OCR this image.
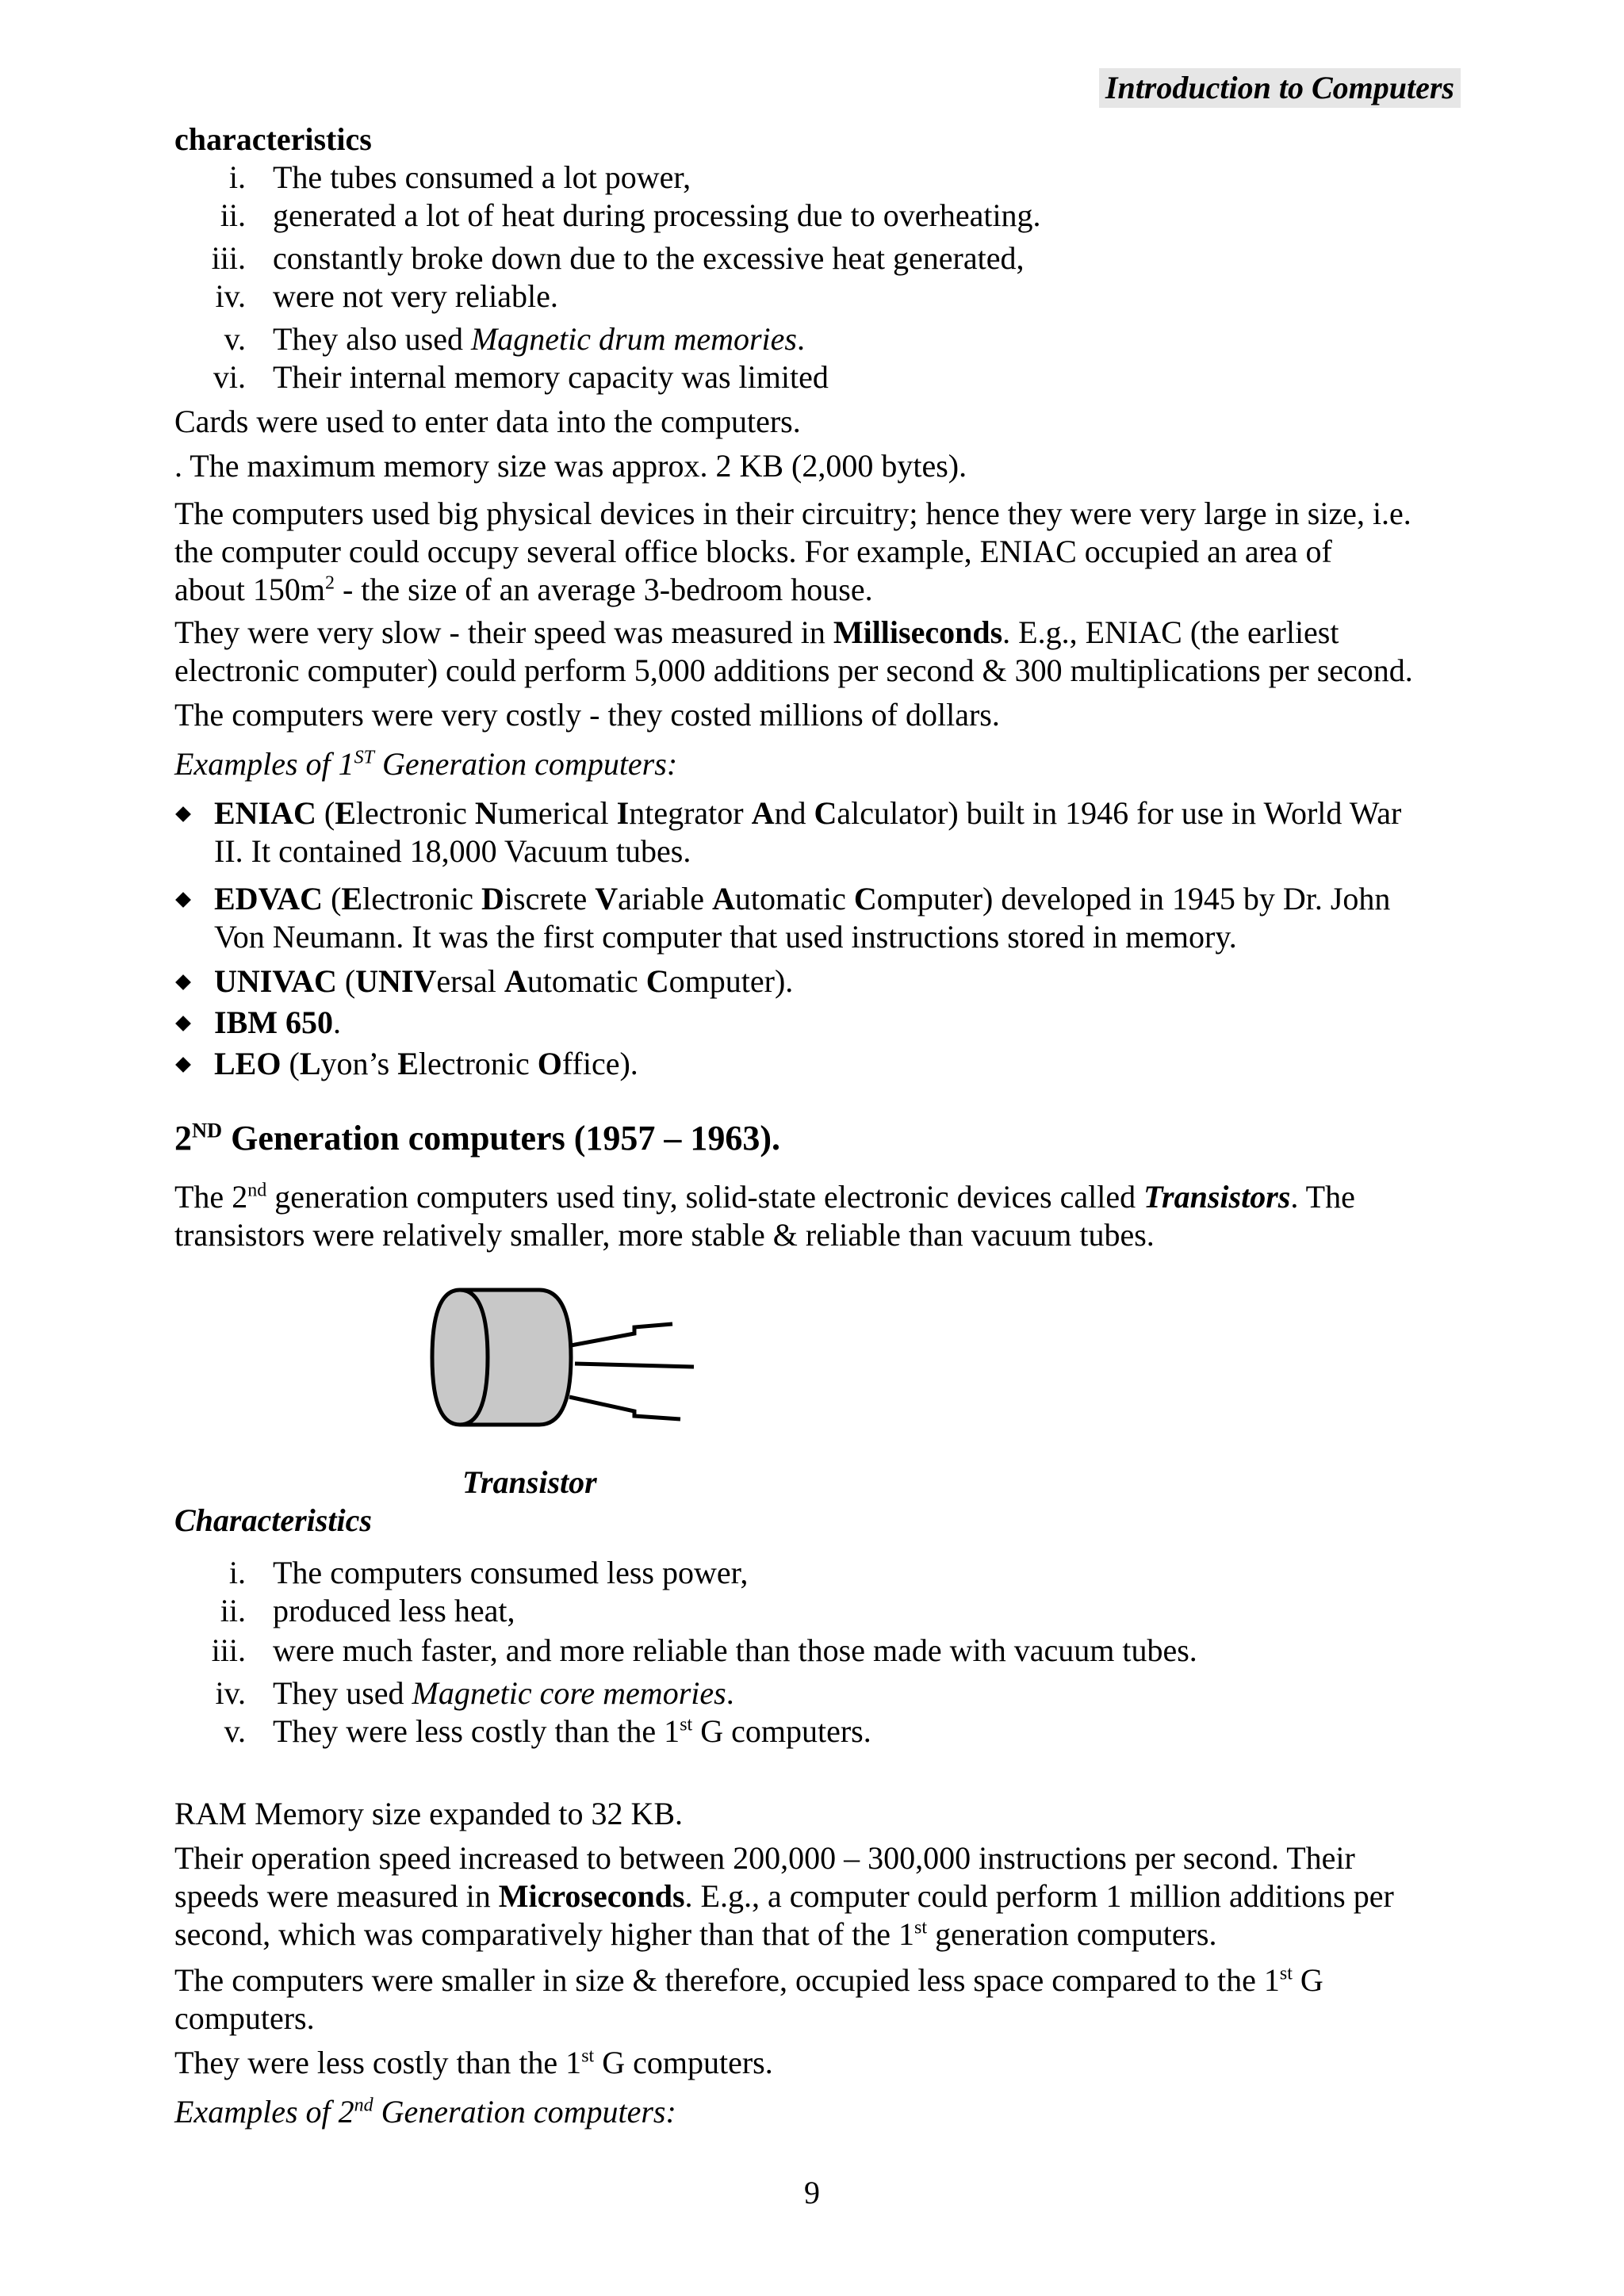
Introduction to Computers
characteristics
i. The tubes consumed a lot power,
ii. generated a lot of heat during processing due to overheating.
iii. constantly broke down due to the excessive heat generated,
iv. were not very reliable.
v. They also used Magnetic drum memories.
vi. Their internal memory capacity was limited
Cards were used to enter data into the computers.
. The maximum memory size was approx. 2 KB (2,000 bytes).
The computers used big physical devices in their circuitry; hence they were very large in size, i.e.
the computer could occupy several office blocks. For example, ENIAC occupied an area of
about $150m^2$ - the size of an average 3-bedroom house.
They were very slow - their speed was measured in Milliseconds. E.g., ENIAC (the earliest
electronic computer) could perform 5,000 additions per second & 300 multiplications per second.
The computers were very costly - they costed millions of dollars.
Examples of 1ST Generation computers:
ENIAC (Electronic Numerical Integrator And Calculator) built in 1946 for use in World War
II. It contained 18,000 Vacuum tubes.
EDVAC (Electronic Discrete Variable Automatic Computer) developed in 1945 by Dr. John
Von Neumann. It was the first computer that used instructions stored in memory.
UNIVAC (UNIVersal Automatic Computer).
IBM 650.
LEO (Lyon’s Electronic Office).
2ND Generation computers (1957 – 1963).
The 2nd generation computers used tiny, solid-state electronic devices called Transistors. The
transistors were relatively smaller, more stable & reliable than vacuum tubes.
Transistor
Characteristics
i. The computers consumed less power,
ii. produced less heat,
iii. were much faster, and more reliable than those made with vacuum tubes.
iv. They used Magnetic core memories.
v. They were less costly than the 1st G computers.
RAM Memory size expanded to 32 KB.
Their operation speed increased to between 200,000 – 300,000 instructions per second. Their
speeds were measured in Microseconds. E.g., a computer could perform 1 million additions per
second, which was comparatively higher than that of the 1st generation computers.
The computers were smaller in size & therefore, occupied less space compared to the 1st G
computers.
They were less costly than the 1st G computers.
Examples of 2nd Generation computers:
9
